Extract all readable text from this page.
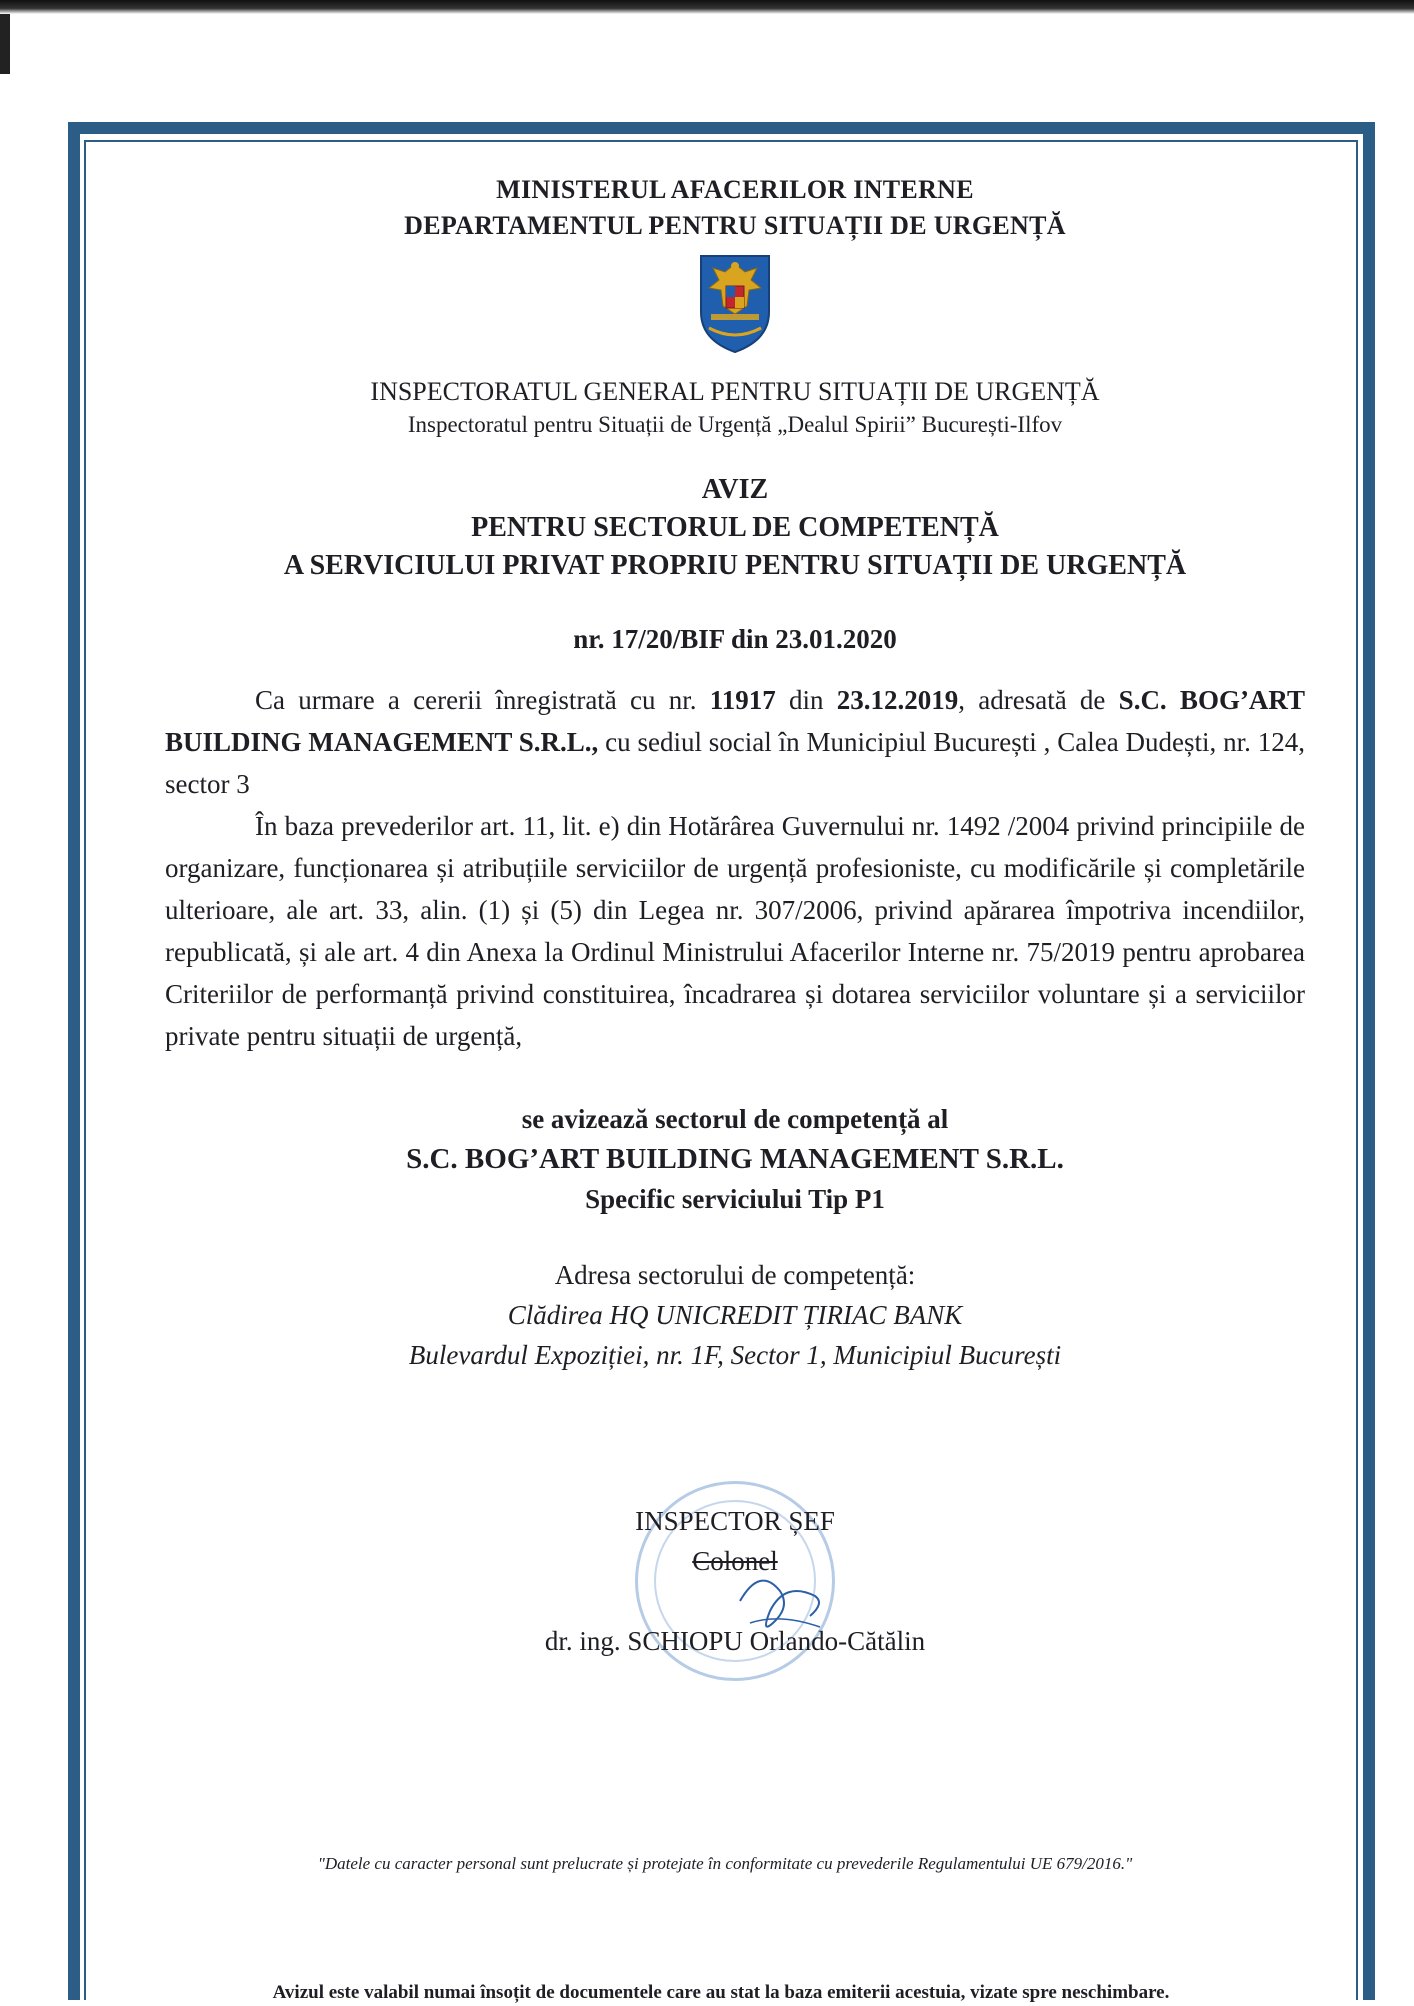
MINISTERUL AFACERILOR INTERNE

DEPARTAMENTUL PENTRU SITUAȚII DE URGENȚĂ

INSPECTORATUL GENERAL PENTRU SITUAȚII DE URGENȚĂ

Inspectoratul pentru Situații de Urgență „Dealul Spirii” București-Ilfov

AVIZ

PENTRU SECTORUL DE COMPETENȚĂ

A SERVICIULUI PRIVAT PROPRIU PENTRU SITUAȚII DE URGENȚĂ

nr. 17/20/BIF din 23.01.2020

Ca urmare a cererii înregistrată cu nr. 11917 din 23.12.2019, adresată de S.C. BOG’ART BUILDING MANAGEMENT S.R.L., cu sediul social în Municipiul București , Calea Dudești, nr. 124, sector 3

În baza prevederilor art. 11, lit. e) din Hotărârea Guvernului nr. 1492 /2004 privind principiile de organizare, funcționarea și atribuțiile serviciilor de urgență profesioniste, cu modificările și completările ulterioare, ale art. 33, alin. (1) și (5) din Legea nr. 307/2006, privind apărarea împotriva incendiilor, republicată, și ale art. 4 din Anexa la Ordinul Ministrului Afacerilor Interne nr. 75/2019 pentru aprobarea Criteriilor de performanță privind constituirea, încadrarea și dotarea serviciilor voluntare și a serviciilor private pentru situații de urgență,

se avizează sectorul de competență al
S.C. BOG’ART BUILDING MANAGEMENT S.R.L.
Specific serviciului Tip P1
Adresa sectorului de competență:
Clădirea HQ UNICREDIT ȚIRIAC BANK
Bulevardul Expoziției, nr. 1F, Sector 1, Municipiul București
INSPECTOR ȘEF
Colonel
dr. ing. SCHIOPU Orlando-Cătălin
"Datele cu caracter personal sunt prelucrate și protejate în conformitate cu prevederile Regulamentului UE 679/2016."
Avizul este valabil numai însoțit de documentele care au stat la baza emiterii acestuia, vizate spre neschimbare.
